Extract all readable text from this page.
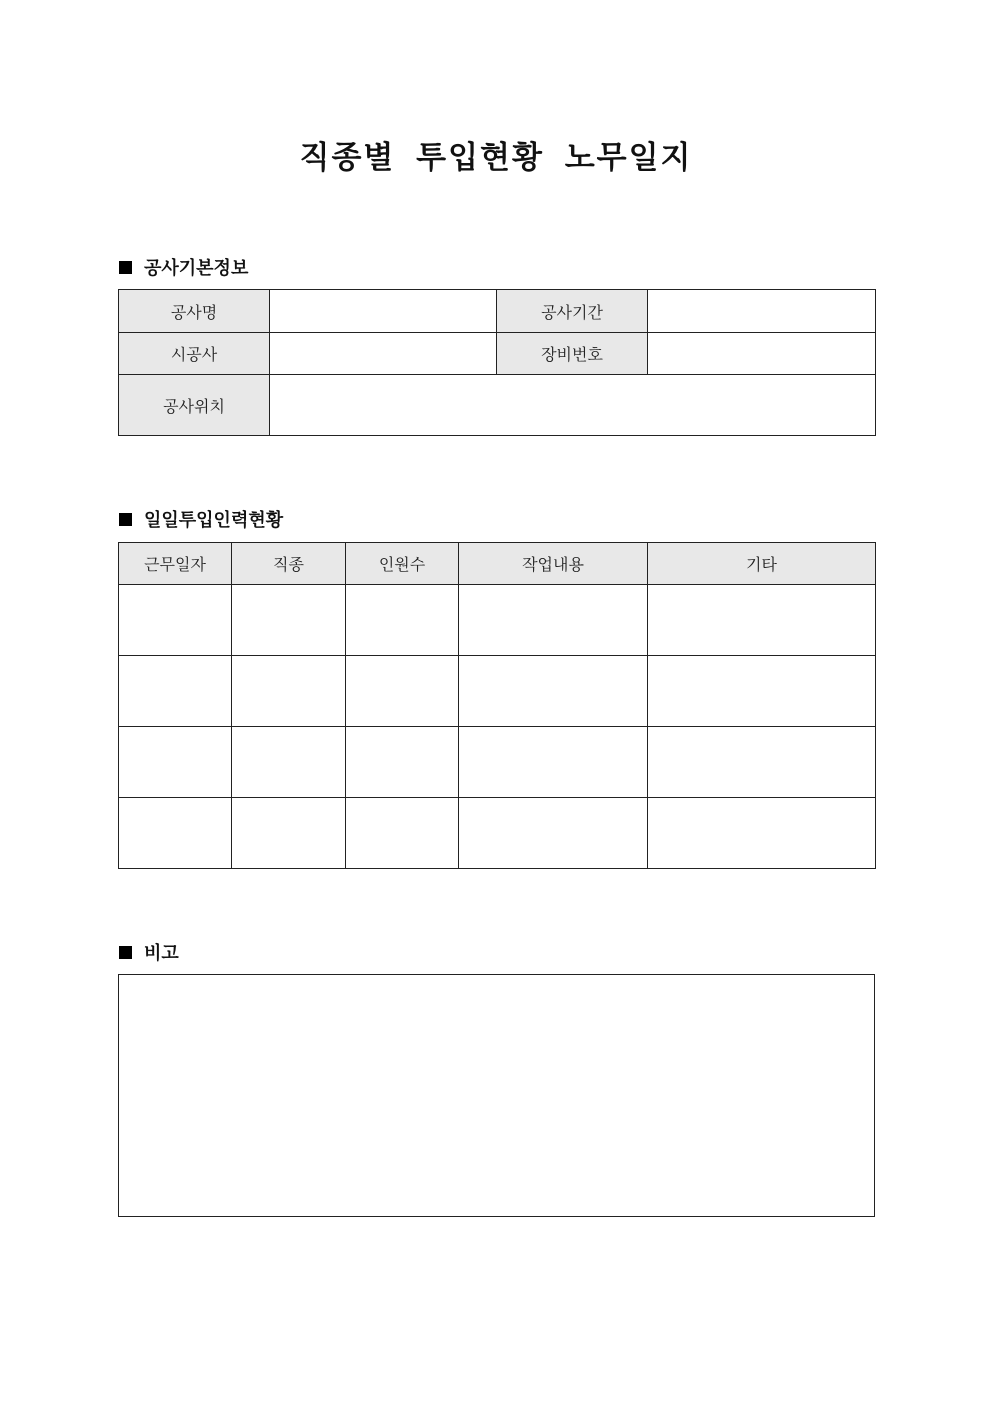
직종별 투입현황 노무일지
공사기본정보
공사명		공사기간	
시공사		장비번호	
공사위치			
일일투입인력현황
근무일자	직종	인원수	작업내용	기타

비고
